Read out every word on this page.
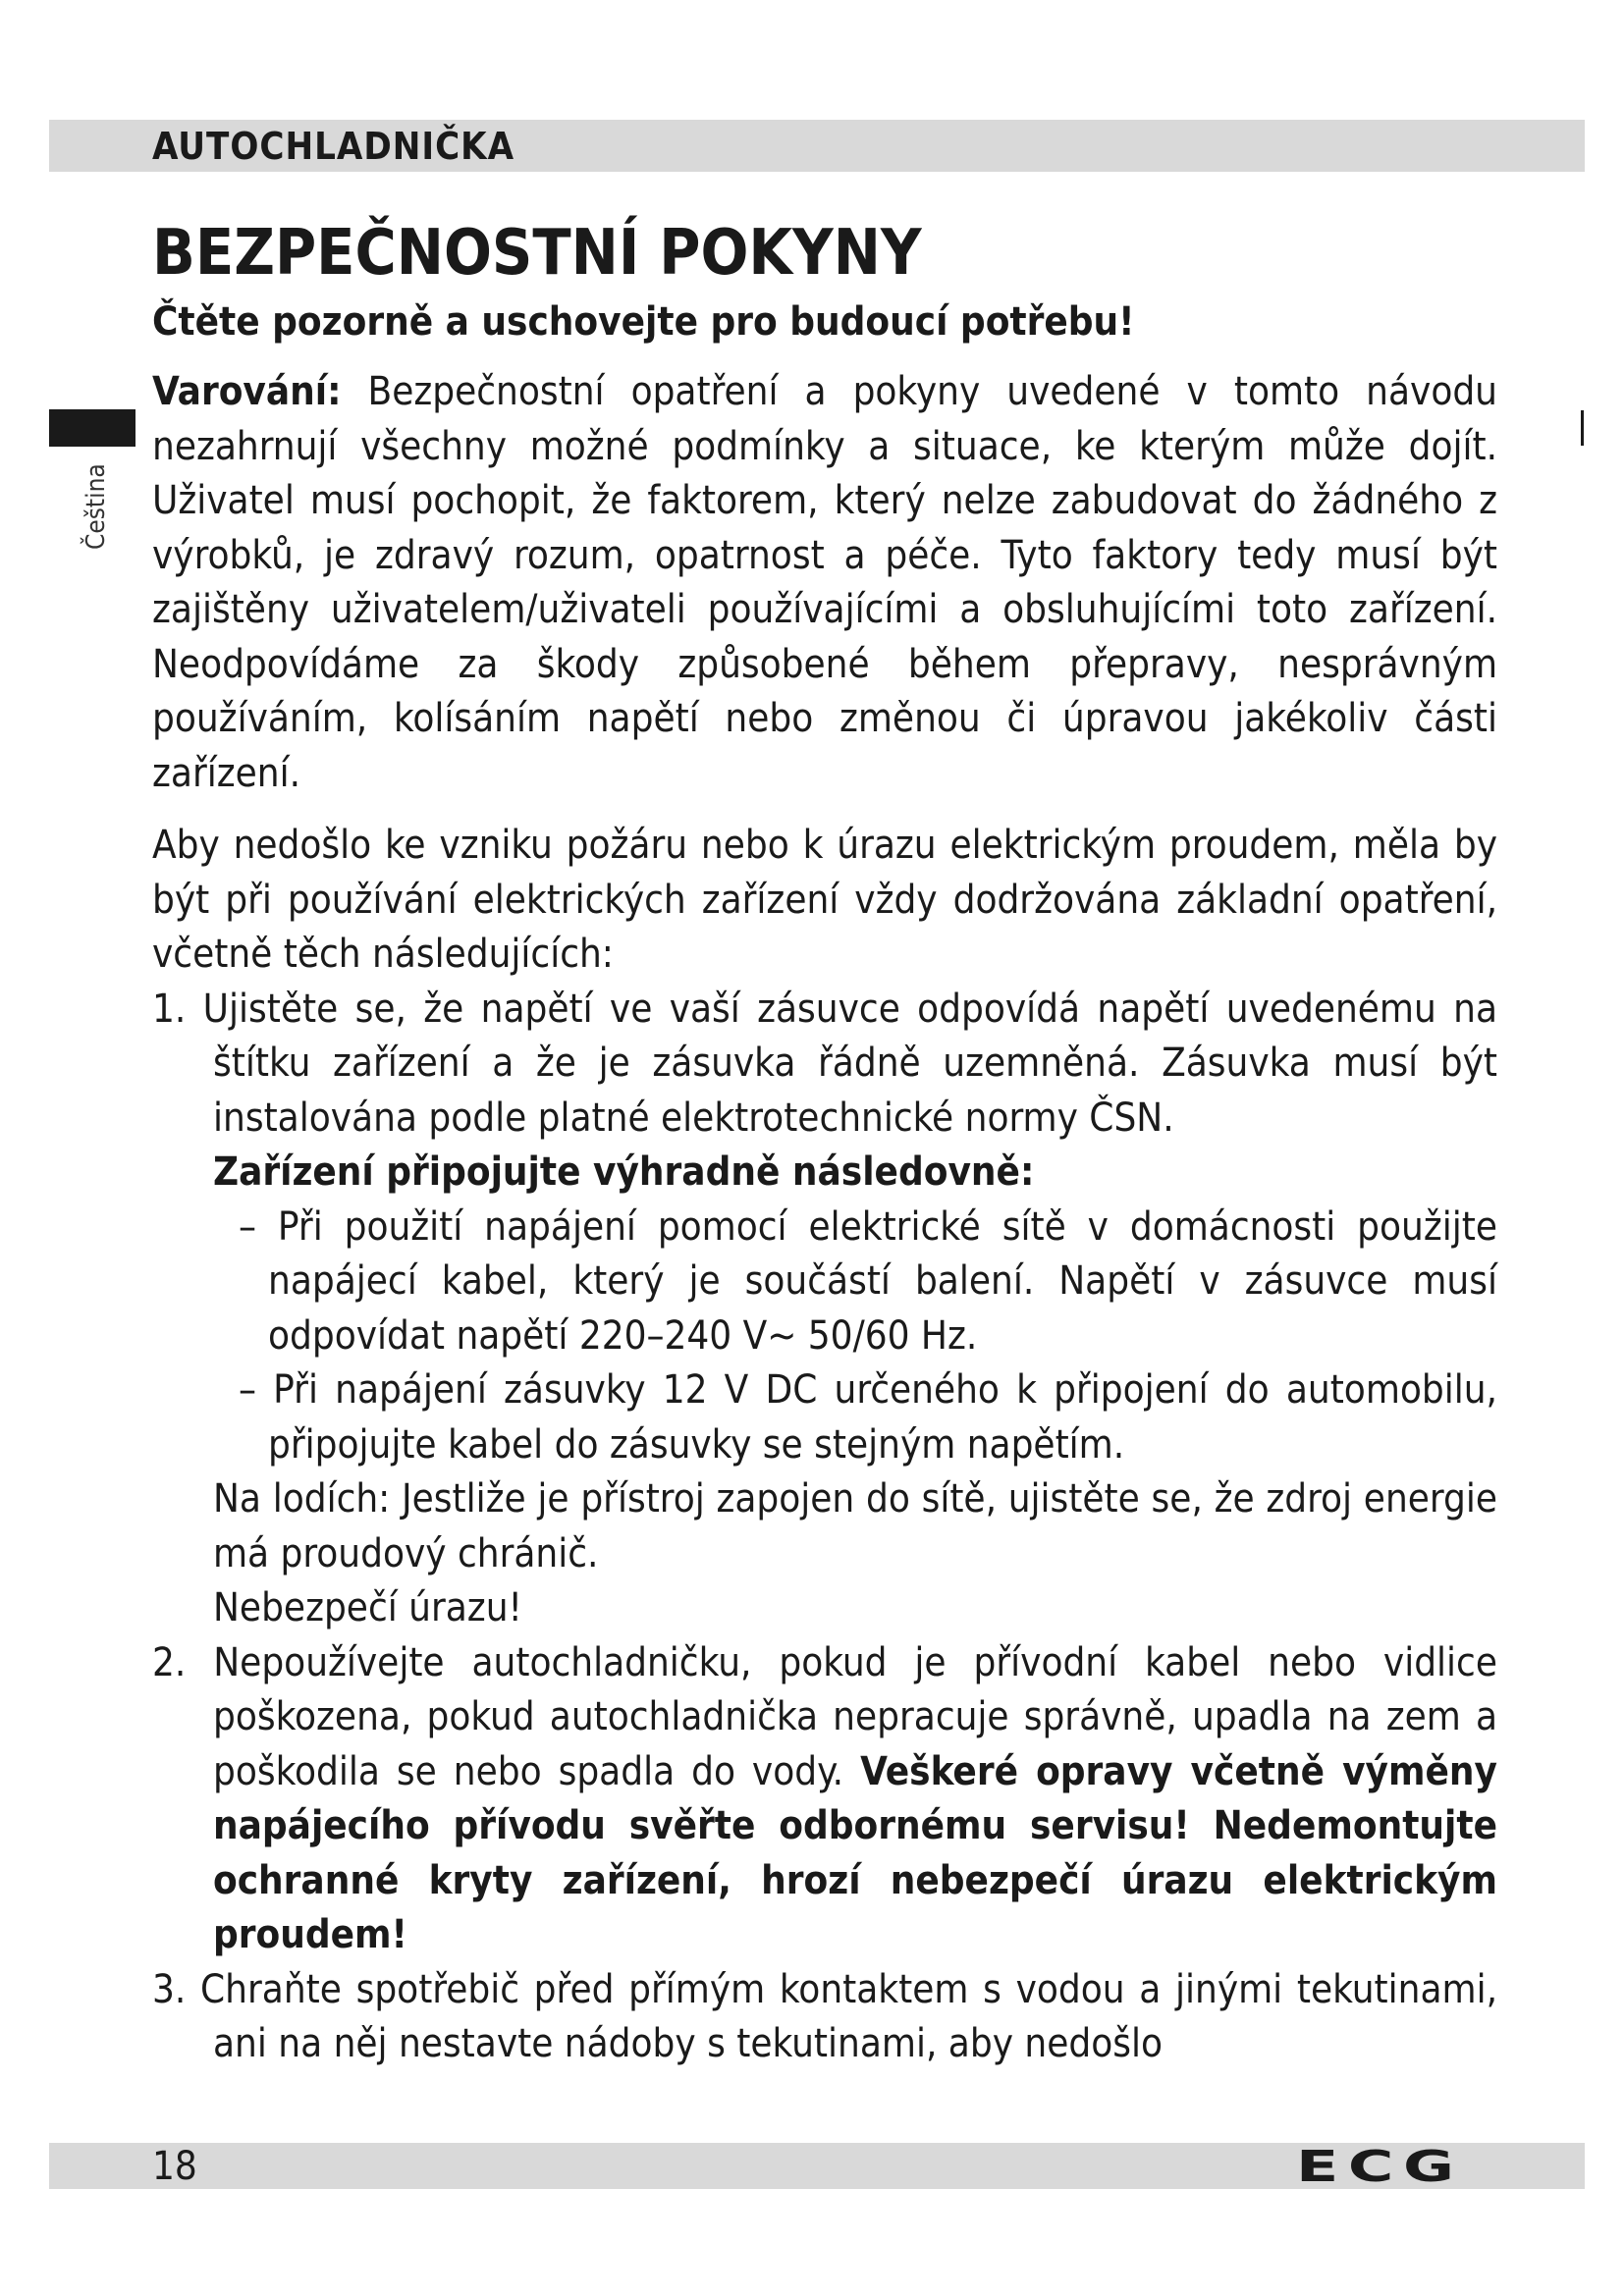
AUTOCHLADNIČKA
Čeština
BEZPEČNOSTNÍ POKYNY
Čtěte pozorně a uschovejte pro budoucí potřebu!

Varování: Bezpečnostní opatření a pokyny uvedené v tomto návodu nezahrnují všechny možné podmínky a situace, ke kterým může dojít. Uživatel musí pochopit, že faktorem, který nelze zabudovat do žádného z výrobků, je zdravý rozum, opatrnost a péče. Tyto faktory tedy musí být zajištěny uživatelem/uživateli používajícími a obsluhujícími toto zařízení. Neodpovídáme za škody způsobené během přepravy, nesprávným používáním, kolísáním napětí nebo změnou či úpravou jakékoliv části zařízení.

Aby nedošlo ke vzniku požáru nebo k úrazu elektrickým proudem, měla by být při používání elektrických zařízení vždy dodržována základní opatření, včetně těch následujících:

1. Ujistěte se, že napětí ve vaší zásuvce odpovídá napětí uvedenému na štítku zařízení a že je zásuvka řádně uzemněná. Zásuvka musí být instalována podle platné elektrotechnické normy ČSN.
Zařízení připojujte výhradně následovně:
– Při použití napájení pomocí elektrické sítě v domácnosti použijte napájecí kabel, který je součástí balení. Napětí v zásuvce musí odpovídat napětí 220–240 V~ 50/60 Hz.
– Při napájení zásuvky 12 V DC určeného k připojení do automobilu, připojujte kabel do zásuvky se stejným napětím.
Na lodích: Jestliže je přístroj zapojen do sítě, ujistěte se, že zdroj energie má proudový chránič.
Nebezpečí úrazu!
2. Nepoužívejte autochladničku, pokud je přívodní kabel nebo vidlice poškozena, pokud autochladnička nepracuje správně, upadla na zem a poškodila se nebo spadla do vody. Veškeré opravy včetně výměny napájecího přívodu svěřte odbornému servisu! Nedemontujte ochranné kryty zařízení, hrozí nebezpečí úrazu elektrickým proudem!
3. Chraňte spotřebič před přímým kontaktem s vodou a jinými tekutinami, ani na něj nestavte nádoby s tekutinami, aby nedošlo
18	ECG
